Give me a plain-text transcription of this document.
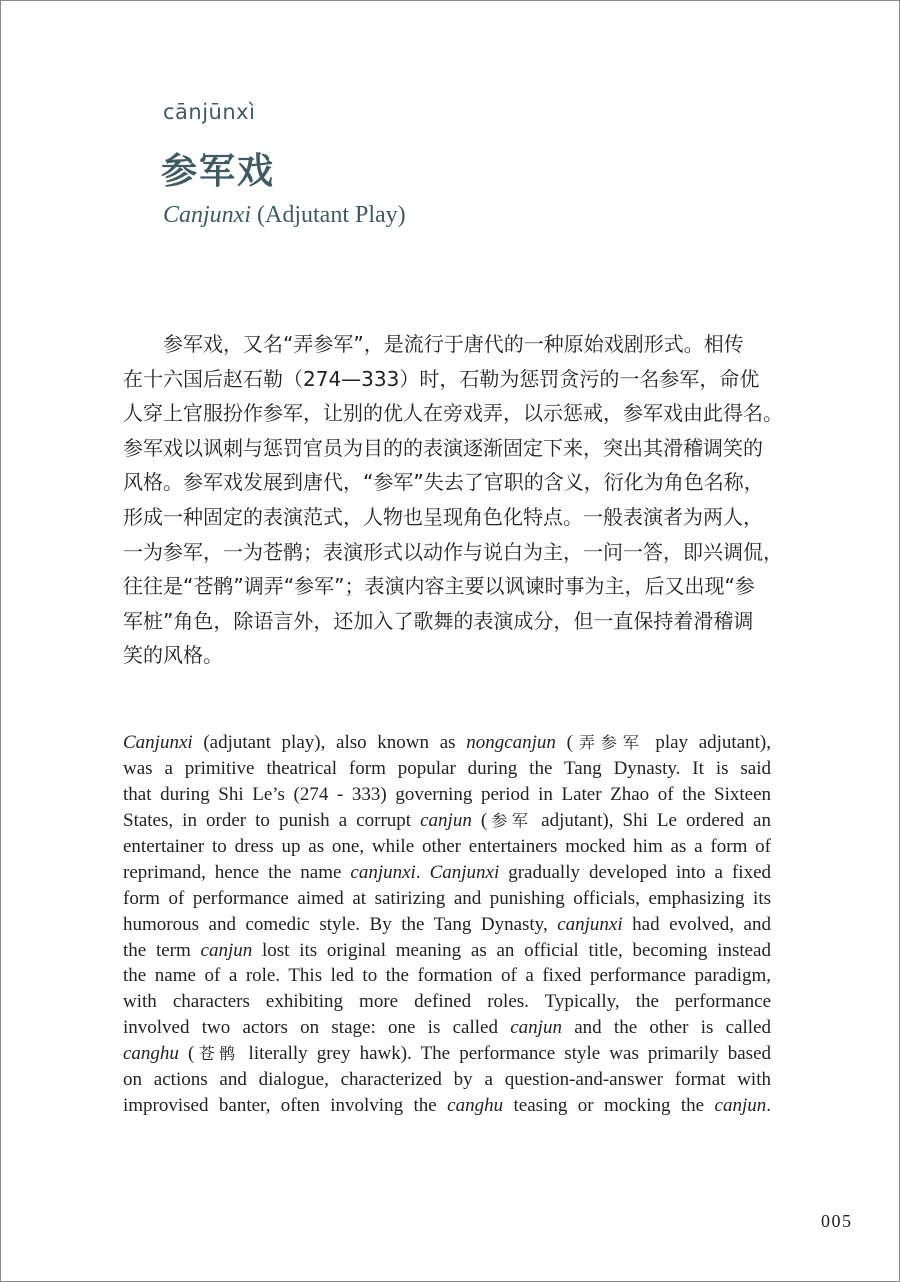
cānjūnxì
参军戏
Canjunxi (Adjutant Play)
参军戏，又名“弄参军”，是流行于唐代的一种原始戏剧形式。相传
在十六国后赵石勒（274—333）时，石勒为惩罚贪污的一名参军，命优
人穿上官服扮作参军，让别的优人在旁戏弄，以示惩戒，参军戏由此得名。
参军戏以讽刺与惩罚官员为目的的表演逐渐固定下来，突出其滑稽调笑的
风格。参军戏发展到唐代，“参军”失去了官职的含义，衍化为角色名称，
形成一种固定的表演范式，人物也呈现角色化特点。一般表演者为两人，
一为参军，一为苍鹘；表演形式以动作与说白为主，一问一答，即兴调侃，
往往是“苍鹘”调弄“参军”；表演内容主要以讽谏时事为主，后又出现“参
军桩”角色，除语言外，还加入了歌舞的表演成分，但一直保持着滑稽调
笑的风格。
Canjunxi (adjutant play), also known as nongcanjun (弄参军 play adjutant),
was a primitive theatrical form popular during the Tang Dynasty. It is said
that during Shi Le’s (274 - 333) governing period in Later Zhao of the Sixteen
States, in order to punish a corrupt canjun (参军 adjutant), Shi Le ordered an
entertainer to dress up as one, while other entertainers mocked him as a form of
reprimand, hence the name canjunxi. Canjunxi gradually developed into a fixed
form of performance aimed at satirizing and punishing officials, emphasizing its
humorous and comedic style. By the Tang Dynasty, canjunxi had evolved, and
the term canjun lost its original meaning as an official title, becoming instead
the name of a role. This led to the formation of a fixed performance paradigm,
with characters exhibiting more defined roles. Typically, the performance
involved two actors on stage: one is called canjun and the other is called
canghu (苍鹘 literally grey hawk). The performance style was primarily based
on actions and dialogue, characterized by a question-and-answer format with
improvised banter, often involving the canghu teasing or mocking the canjun.
005
